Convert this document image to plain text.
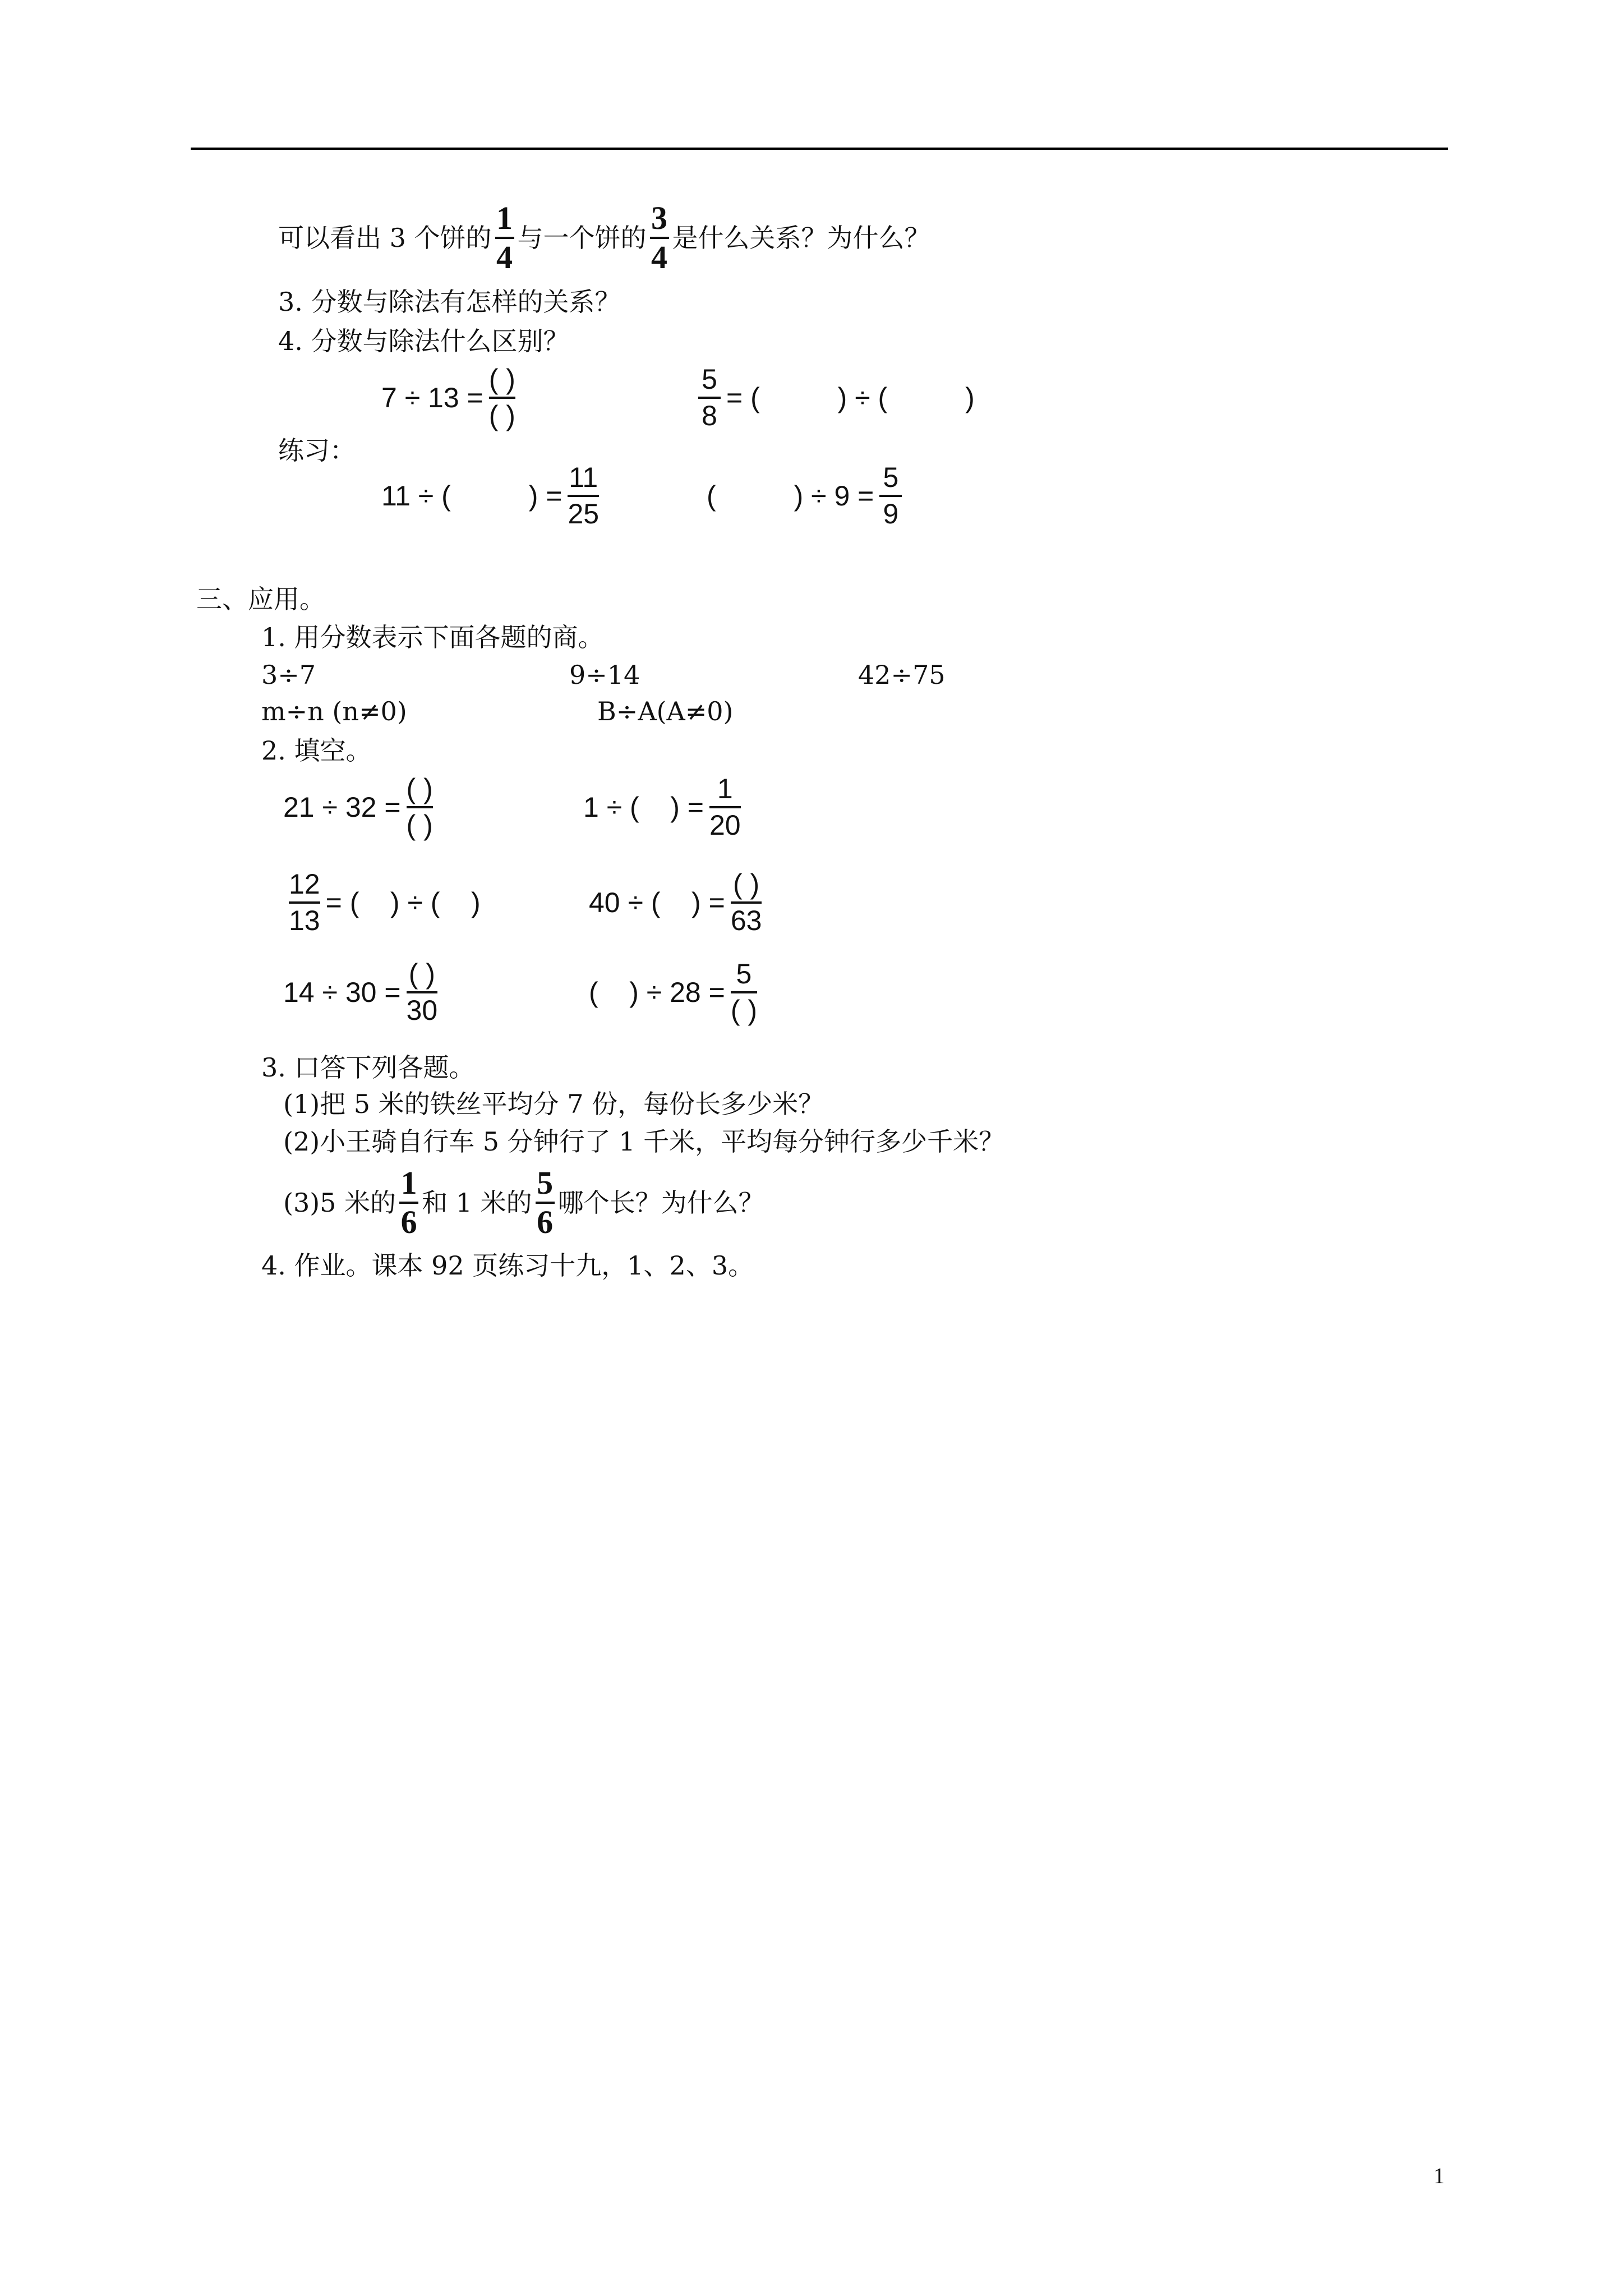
可以看出 3 个饼的 $\frac{1}{4}$ 与一个饼的 $\frac{3}{4}$ 是什么关系？为什么？
3. 分数与除法有怎样的关系？
4. 分数与除法什么区别？
$7 \div 13 = \frac{( )}{( )}$	$\frac{5}{8}$ = (          ) ÷ (          )
练习：
11 ÷ (          ) = $\frac{11}{25}$	(          ) ÷ $9 = \frac{5}{9}$
三、应用。
1. 用分数表示下面各题的商。
3÷7	9÷14	42÷75
m÷n (n≠0)	B÷A(A≠0)
2. 填空。
$21 \div 32 = \frac{( )}{( )}$	1 ÷ (    ) = $\frac{1}{20}$
$\frac{12}{13}$ = (    ) ÷ (    )	40 ÷ (    ) = $\frac{( )}{63}$
$14 \div 30 = \frac{( )}{30}$	(    ) ÷ $28 = \frac{5}{( )}$
3. 口答下列各题。
(1)把 5 米的铁丝平均分 7 份，每份长多少米？
(2)小王骑自行车 5 分钟行了 1 千米，平均每分钟行多少千米？
(3)5 米的 $\frac{1}{6}$ 和 1 米的 $\frac{5}{6}$ 哪个长？为什么？
4. 作业。课本 92 页练习十九，1、2、3。
1
